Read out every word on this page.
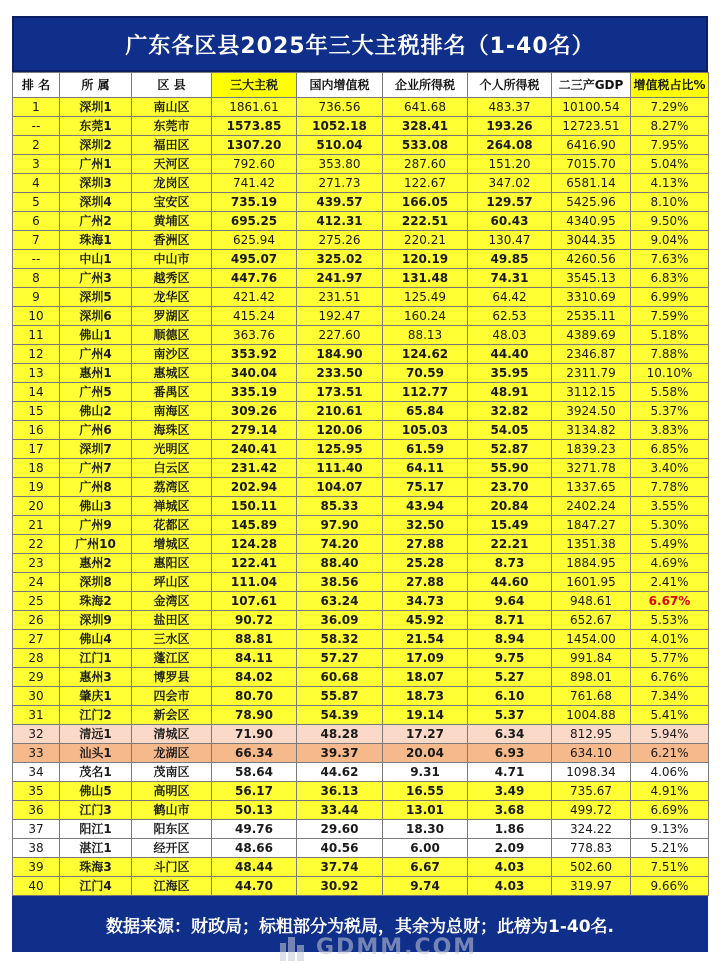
广东各区县2025年三大主税排名（1-40名）
排 名	所 属	区 县	三大主税	国内增值税	企业所得税	个人所得税	二三产GDP	增值税占比%
1	深圳1	南山区	1861.61	736.56	641.68	483.37	10100.54	7.29%
--	东莞1	东莞市	1573.85	1052.18	328.41	193.26	12723.51	8.27%
2	深圳2	福田区	1307.20	510.04	533.08	264.08	6416.90	7.95%
3	广州1	天河区	792.60	353.80	287.60	151.20	7015.70	5.04%
4	深圳3	龙岗区	741.42	271.73	122.67	347.02	6581.14	4.13%
5	深圳4	宝安区	735.19	439.57	166.05	129.57	5425.96	8.10%
6	广州2	黄埔区	695.25	412.31	222.51	60.43	4340.95	9.50%
7	珠海1	香洲区	625.94	275.26	220.21	130.47	3044.35	9.04%
--	中山1	中山市	495.07	325.02	120.19	49.85	4260.56	7.63%
8	广州3	越秀区	447.76	241.97	131.48	74.31	3545.13	6.83%
9	深圳5	龙华区	421.42	231.51	125.49	64.42	3310.69	6.99%
10	深圳6	罗湖区	415.24	192.47	160.24	62.53	2535.11	7.59%
11	佛山1	顺德区	363.76	227.60	88.13	48.03	4389.69	5.18%
12	广州4	南沙区	353.92	184.90	124.62	44.40	2346.87	7.88%
13	惠州1	惠城区	340.04	233.50	70.59	35.95	2311.79	10.10%
14	广州5	番禺区	335.19	173.51	112.77	48.91	3112.15	5.58%
15	佛山2	南海区	309.26	210.61	65.84	32.82	3924.50	5.37%
16	广州6	海珠区	279.14	120.06	105.03	54.05	3134.82	3.83%
17	深圳7	光明区	240.41	125.95	61.59	52.87	1839.23	6.85%
18	广州7	白云区	231.42	111.40	64.11	55.90	3271.78	3.40%
19	广州8	荔湾区	202.94	104.07	75.17	23.70	1337.65	7.78%
20	佛山3	禅城区	150.11	85.33	43.94	20.84	2402.24	3.55%
21	广州9	花都区	145.89	97.90	32.50	15.49	1847.27	5.30%
22	广州10	增城区	124.28	74.20	27.88	22.21	1351.38	5.49%
23	惠州2	惠阳区	122.41	88.40	25.28	8.73	1884.95	4.69%
24	深圳8	坪山区	111.04	38.56	27.88	44.60	1601.95	2.41%
25	珠海2	金湾区	107.61	63.24	34.73	9.64	948.61	6.67%
26	深圳9	盐田区	90.72	36.09	45.92	8.71	652.67	5.53%
27	佛山4	三水区	88.81	58.32	21.54	8.94	1454.00	4.01%
28	江门1	蓬江区	84.11	57.27	17.09	9.75	991.84	5.77%
29	惠州3	博罗县	84.02	60.68	18.07	5.27	898.01	6.76%
30	肇庆1	四会市	80.70	55.87	18.73	6.10	761.68	7.34%
31	江门2	新会区	78.90	54.39	19.14	5.37	1004.88	5.41%
32	清远1	清城区	71.90	48.28	17.27	6.34	812.95	5.94%
33	汕头1	龙湖区	66.34	39.37	20.04	6.93	634.10	6.21%
34	茂名1	茂南区	58.64	44.62	9.31	4.71	1098.34	4.06%
35	佛山5	高明区	56.17	36.13	16.55	3.49	735.67	4.91%
36	江门3	鹤山市	50.13	33.44	13.01	3.68	499.72	6.69%
37	阳江1	阳东区	49.76	29.60	18.30	1.86	324.22	9.13%
38	湛江1	经开区	48.66	40.56	6.00	2.09	778.83	5.21%
39	珠海3	斗门区	48.44	37.74	6.67	4.03	502.60	7.51%
40	江门4	江海区	44.70	30.92	9.74	4.03	319.97	9.66%
数据来源：财政局；标粗部分为税局，其余为总财；此榜为1-40名.
GDMM.COM
